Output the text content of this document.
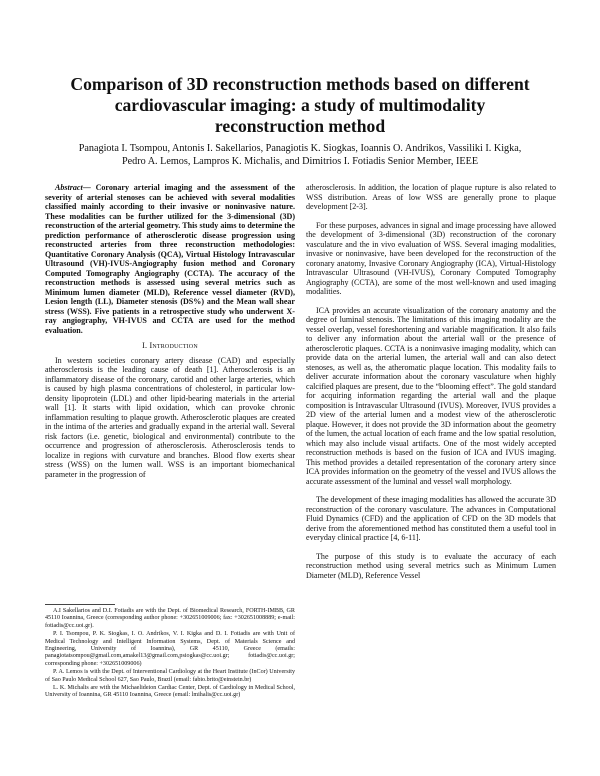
Comparison of 3D reconstruction methods based on different cardiovascular imaging: a study of multimodality reconstruction method
Panagiota I. Tsompou, Antonis I. Sakellarios, Panagiotis K. Siogkas, Ioannis O. Andrikos, Vassiliki I. Kigka, Pedro A. Lemos, Lampros K. Michalis, and Dimitrios I. Fotiadis Senior Member, IEEE

Abstract— Coronary arterial imaging and the assessment of the severity of arterial stenoses can be achieved with several modalities classified mainly according to their invasive or noninvasive nature. These modalities can be further utilized for the 3-dimensional (3D) reconstruction of the arterial geometry. This study aims to determine the prediction performance of atherosclerotic disease progression using reconstructed arteries from three reconstruction methodologies: Quantitative Coronary Analysis (QCA), Virtual Histology Intravascular Ultrasound (VH)-IVUS-Angiography fusion method and Coronary Computed Tomography Angiography (CCTA). The accuracy of the reconstruction methods is assessed using several metrics such as Minimum lumen diameter (MLD), Reference vessel diameter (RVD), Lesion length (LL), Diameter stenosis (DS%) and the Mean wall shear stress (WSS). Five patients in a retrospective study who underwent X-ray angiography, VH-IVUS and CCTA are used for the method evaluation.

I. Introduction

In western societies coronary artery disease (CAD) and especially atherosclerosis is the leading cause of death [1]. Atherosclerosis is an inflammatory disease of the coronary, carotid and other large arteries, which is caused by high plasma concentrations of cholesterol, in particular low-density lipoprotein (LDL) and other lipid-bearing materials in the arterial wall [1]. It starts with lipid oxidation, which can provoke chronic inflammation resulting to plaque growth. Atherosclerotic plaques are created in the intima of the arteries and gradually expand in the arterial wall. Several risk factors (i.e. genetic, biological and environmental) contribute to the occurrence and progression of atherosclerosis. Atherosclerosis tends to localize in regions with curvature and branches. Blood flow exerts shear stress (WSS) on the lumen wall. WSS is an important biomechanical parameter in the progression of

A.I Sakellarios and D.I. Fotiadis are with the Dept. of Biomedical Research, FORTH-IMBB, GR 45110 Ioannina, Greece (corresponding author phone: +302651009006; fax: +302651008889; e-mail: fotiadis@cc.uoi.gr).

P. I. Tsompou, P. K. Siogkas, I. O. Andrikos, V. I. Kigka and D. I. Fotiadis are with Unit of Medical Technology and Intelligent Information Systems, Dept. of Materials Science and Engineering, University of Ioannina), GR 45110, Greece (emails: panagiotatsompou@gmail.com,amakel13@gmail.com,psiogkas@cc.uoi.gr; fotiadis@cc.uoi.gr; corresponding phone: +302651009006)

P. A. Lemos is with the Dept. of Interventional Cardiology at the Heart Institute (InCor) University of Sao Paulo Medical School 627, Sao Paulo, Brazil (email: fabio.brito@einstein.br)

L. K. Michalis are with the Michaelideion Cardiac Center, Dept. of Cardiology in Medical School, University of Ioannina, GR 45110 Ioannina, Greece (email: lmihalis@cc.uoi.gr)

atherosclerosis. In addition, the location of plaque rupture is also related to WSS distribution. Areas of low WSS are generally prone to plaque development [2-3].

For these purposes, advances in signal and image processing have allowed the development of 3-dimensional (3D) reconstruction of the coronary vasculature and the in vivo evaluation of WSS. Several imaging modalities, invasive or noninvasive, have been developed for the reconstruction of the coronary anatomy, Invasive Coronary Angiography (ICA), Virtual-Histology Intravascular Ultrasound (VH-IVUS), Coronary Computed Tomography Angiography (CCTA), are some of the most well-known and used imaging modalities.

ICA provides an accurate visualization of the coronary anatomy and the degree of luminal stenosis. The limitations of this imaging modality are the vessel overlap, vessel foreshortening and variable magnification. It also fails to deliver any information about the arterial wall or the presence of atherosclerotic plaques. CCTA is a noninvasive imaging modality, which can provide data on the arterial lumen, the arterial wall and can also detect stenoses, as well as, the atheromatic plaque location. This modality fails to deliver accurate information about the coronary vasculature when highly calcified plaques are present, due to the “blooming effect”. The gold standard for acquiring information regarding the arterial wall and the plaque composition is Intravascular Ultrasound (IVUS). Moreover, IVUS provides a 2D view of the arterial lumen and a modest view of the atherosclerotic plaque. However, it does not provide the 3D information about the geometry of the lumen, the actual location of each frame and the low spatial resolution, which may also include visual artifacts. One of the most widely accepted reconstruction methods is based on the fusion of ICA and IVUS imaging. This method provides a detailed representation of the coronary artery since ICA provides information on the geometry of the vessel and IVUS allows the accurate assessment of the luminal and vessel wall morphology.

The development of these imaging modalities has allowed the accurate 3D reconstruction of the coronary vasculature. The advances in Computational Fluid Dynamics (CFD) and the application of CFD on the 3D models that derive from the aforementioned method has constituted them a useful tool in everyday clinical practice [4, 6-11].

The purpose of this study is to evaluate the accuracy of each reconstruction method using several metrics such as Minimum Lumen Diameter (MLD), Reference Vessel
